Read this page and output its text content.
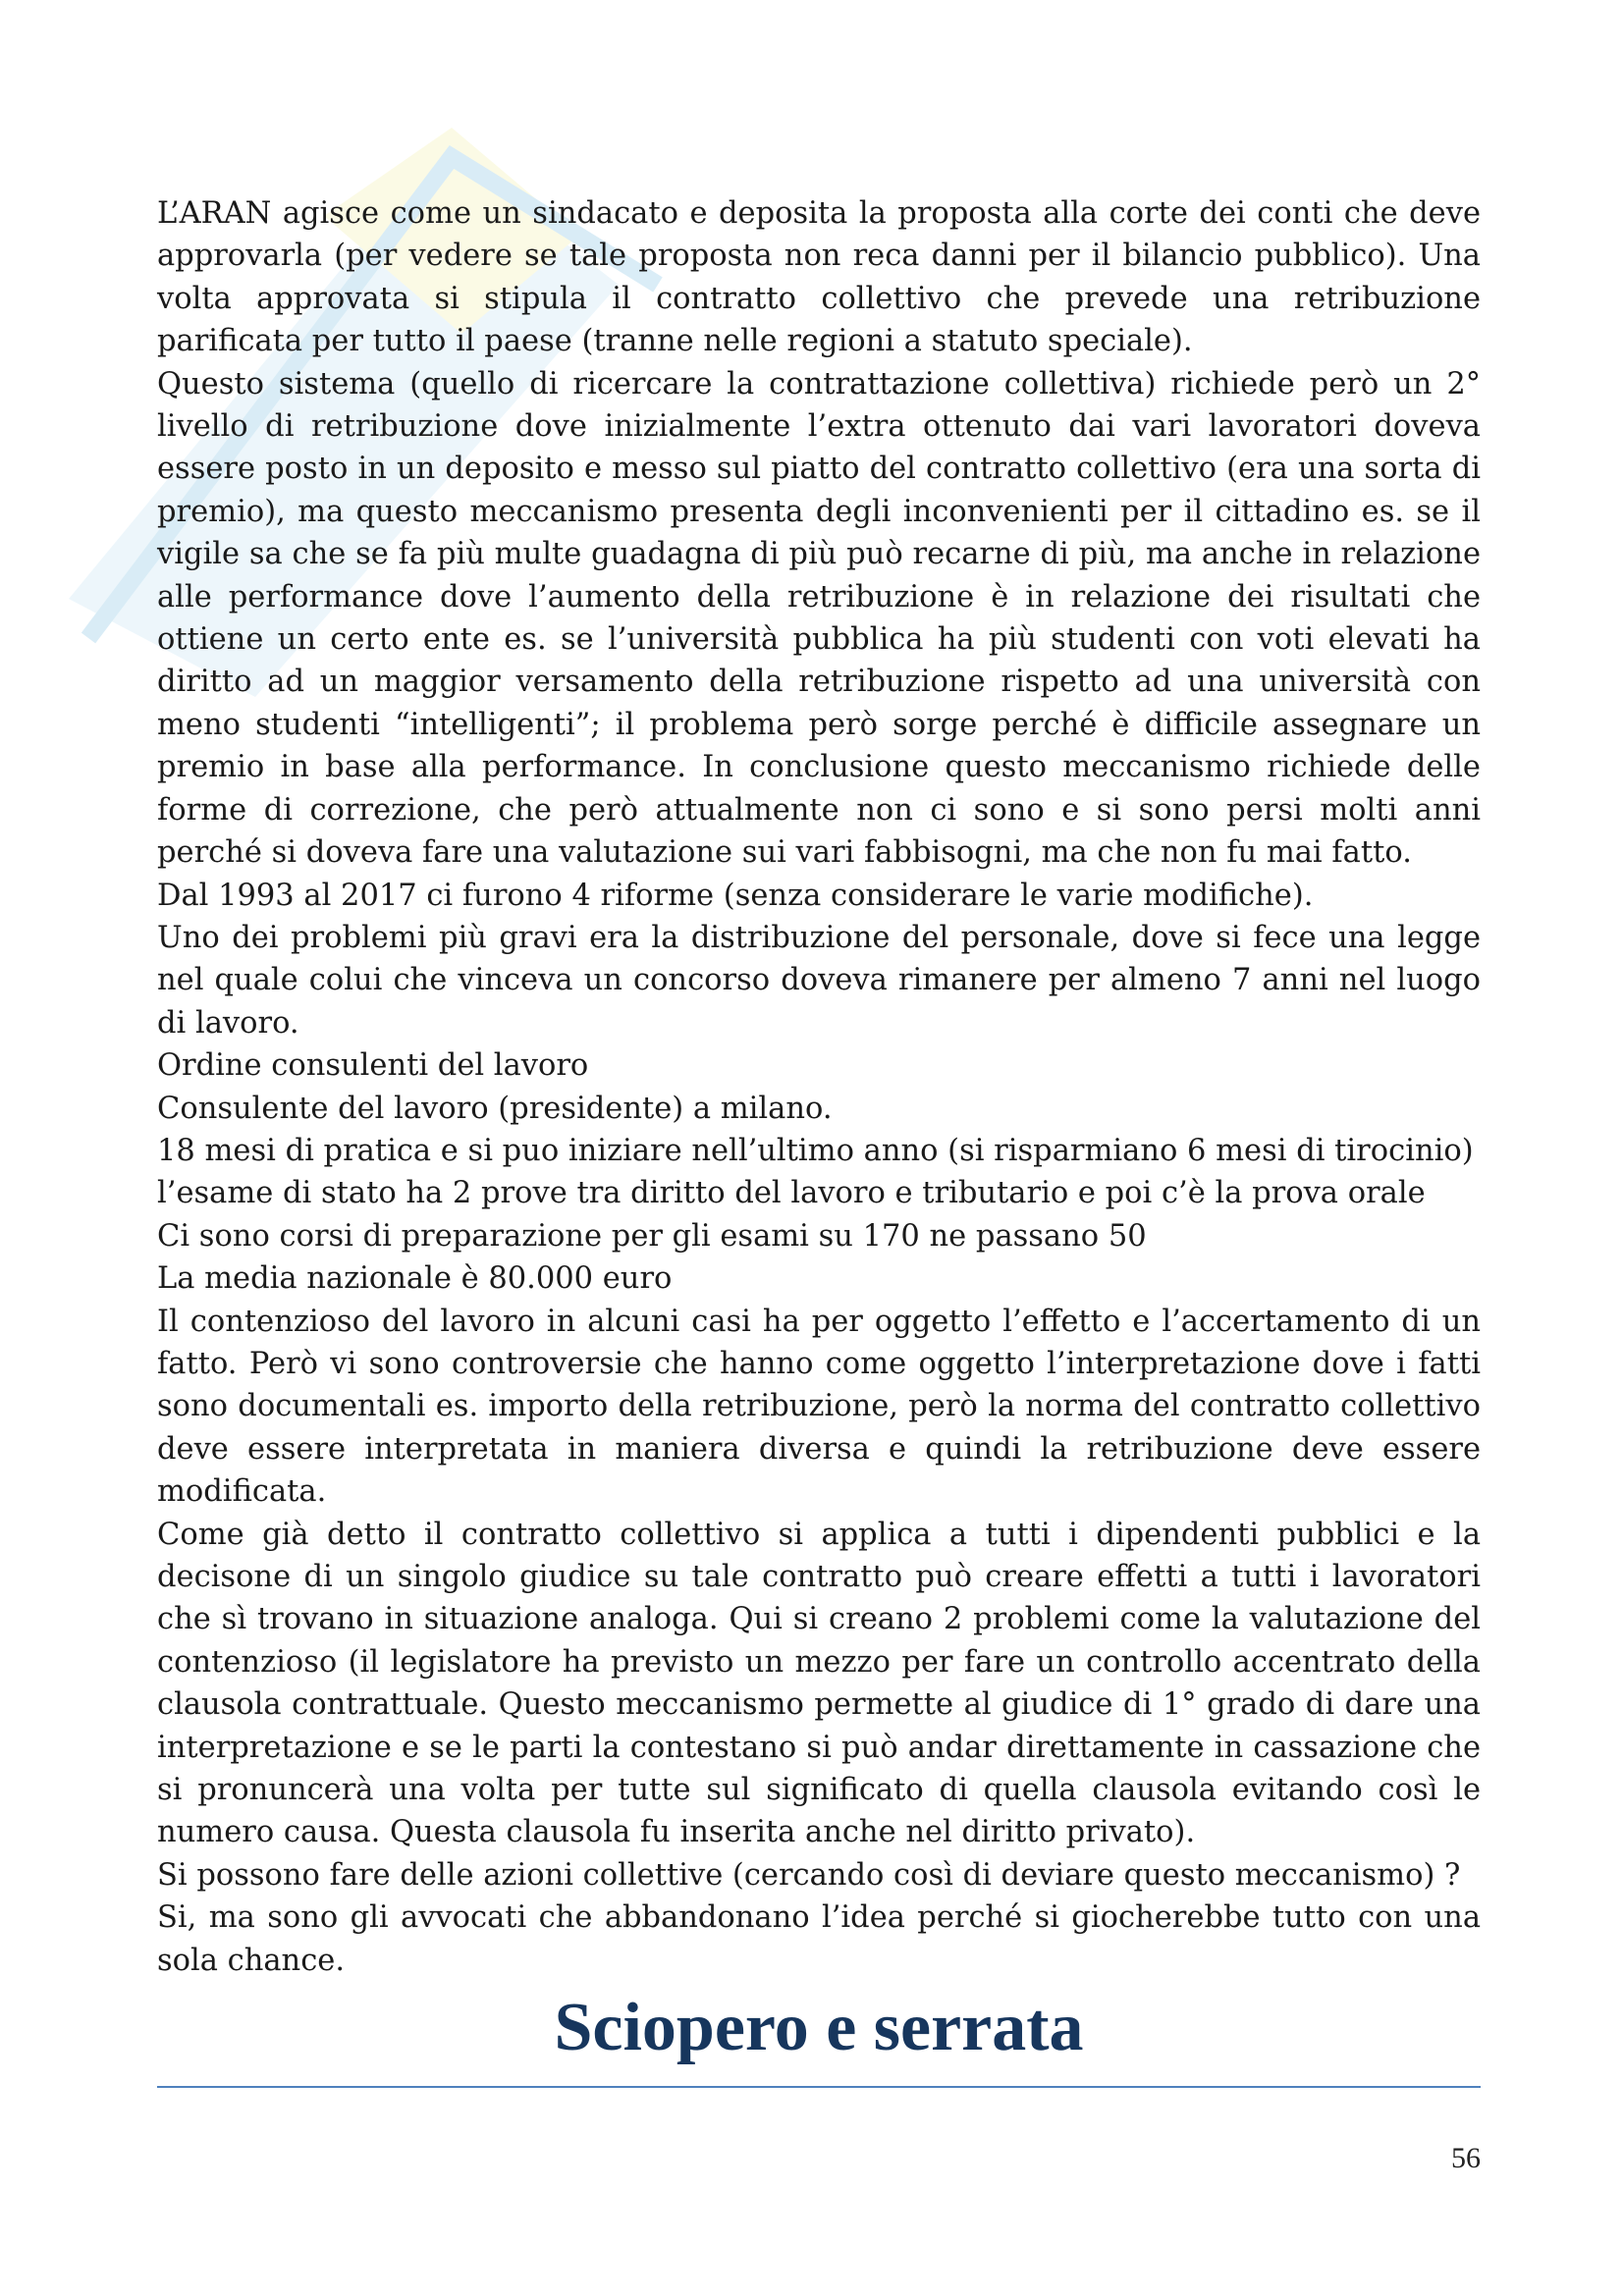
L’ARAN agisce come un sindacato e deposita la proposta alla corte dei conti che deve approvarla (per vedere se tale proposta non reca danni per il bilancio pubblico). Una volta approvata si stipula il contratto collettivo che prevede una retribuzione parificata per tutto il paese (tranne nelle regioni a statuto speciale).

Questo sistema (quello di ricercare la contrattazione collettiva) richiede però un 2° livello di retribuzione dove inizialmente l’extra ottenuto dai vari lavoratori doveva essere posto in un deposito e messo sul piatto del contratto collettivo (era una sorta di premio), ma questo meccanismo presenta degli inconvenienti per il cittadino es. se il vigile sa che se fa più multe guadagna di più può recarne di più, ma anche in relazione alle performance dove l’aumento della retribuzione è in relazione dei risultati che ottiene un certo ente es. se l’università pubblica ha più studenti con voti elevati ha diritto ad un maggior versamento della retribuzione rispetto ad una università con meno studenti “intelligenti”; il problema però sorge perché è difficile assegnare un premio in base alla performance. In conclusione questo meccanismo richiede delle forme di correzione, che però attualmente non ci sono e si sono persi molti anni perché si doveva fare una valutazione sui vari fabbisogni, ma che non fu mai fatto.

Dal 1993 al 2017 ci furono 4 riforme (senza considerare le varie modifiche).

Uno dei problemi più gravi era la distribuzione del personale, dove si fece una legge nel quale colui che vinceva un concorso doveva rimanere per almeno 7 anni nel luogo di lavoro.

Ordine consulenti del lavoro

Consulente del lavoro (presidente) a milano.

18 mesi di pratica e si puo iniziare nell’ultimo anno (si risparmiano 6 mesi di tirocinio)

l’esame di stato ha 2 prove tra diritto del lavoro e tributario e poi c’è la prova orale

Ci sono corsi di preparazione per gli esami su 170 ne passano 50

La media nazionale è 80.000 euro

Il contenzioso del lavoro in alcuni casi ha per oggetto l’effetto e l’accertamento di un fatto. Però vi sono controversie che hanno come oggetto l’interpretazione dove i fatti sono documentali es. importo della retribuzione, però la norma del contratto collettivo deve essere interpretata in maniera diversa e quindi la retribuzione deve essere modificata.

Come già detto il contratto collettivo si applica a tutti i dipendenti pubblici e la decisone di un singolo giudice su tale contratto può creare effetti a tutti i lavoratori che sì trovano in situazione analoga. Qui si creano 2 problemi come la valutazione del contenzioso (il legislatore ha previsto un mezzo per fare un controllo accentrato della clausola contrattuale. Questo meccanismo permette al giudice di 1° grado di dare una interpretazione e se le parti la contestano si può andar direttamente in cassazione che si pronuncerà una volta per tutte sul significato di quella clausola evitando così le numero causa. Questa clausola fu inserita anche nel diritto privato).

Si possono fare delle azioni collettive (cercando così di deviare questo meccanismo) ?

Si, ma sono gli avvocati che abbandonano l’idea perché si giocherebbe tutto con una sola chance.

Sciopero e serrata
56
